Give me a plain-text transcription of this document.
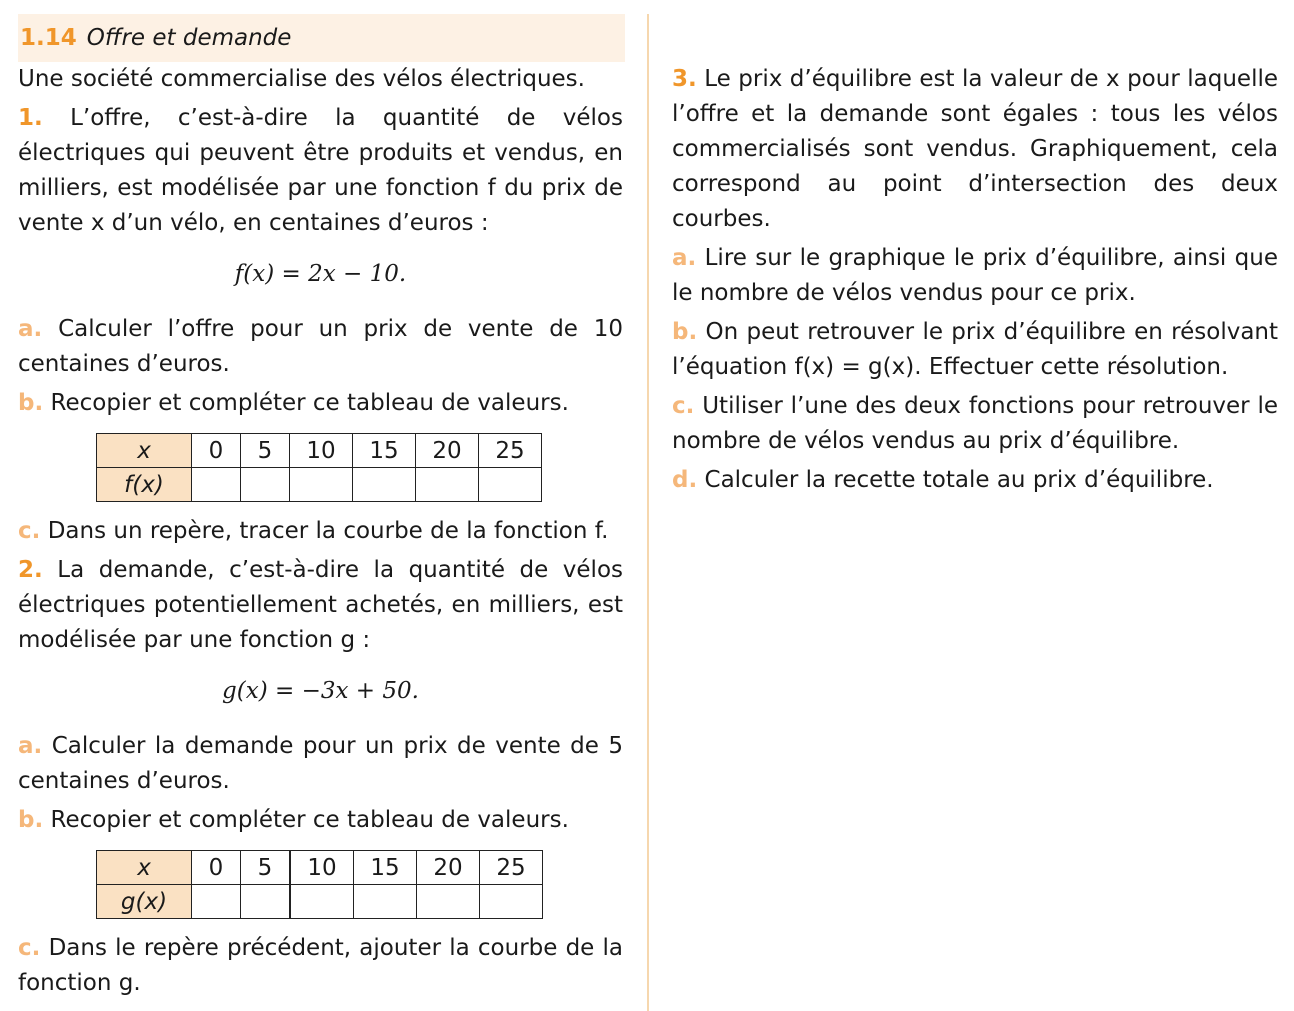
1.14 Offre et demande

Une société commercialise des vélos électriques.

1. L’offre, c’est-à-dire la quantité de vélos électriques qui peuvent être produits et vendus, en milliers, est modélisée par une fonction f du prix de vente x d’un vélo, en centaines d’euros :

f(x) = 2x − 10.

a. Calculer l’offre pour un prix de vente de 10 centaines d’euros.

b. Recopier et compléter ce tableau de valeurs.

x	0	5	10	15	20	25
f(x)						

c. Dans un repère, tracer la courbe de la fonction f.

2. La demande, c’est-à-dire la quantité de vélos électriques potentiellement achetés, en milliers, est modélisée par une fonction g :

g(x) = −3x + 50.

a. Calculer la demande pour un prix de vente de 5 centaines d’euros.

b. Recopier et compléter ce tableau de valeurs.

x	0	5	10	15	20	25
g(x)						

c. Dans le repère précédent, ajouter la courbe de la fonction g.

3. Le prix d’équilibre est la valeur de x pour laquelle l’offre et la demande sont égales : tous les vélos commercialisés sont vendus. Graphiquement, cela correspond au point d’intersection des deux courbes.

a. Lire sur le graphique le prix d’équilibre, ainsi que le nombre de vélos vendus pour ce prix.

b. On peut retrouver le prix d’équilibre en résolvant l’équation f(x) = g(x). Effectuer cette résolution.

c. Utiliser l’une des deux fonctions pour retrouver le nombre de vélos vendus au prix d’équilibre.

d. Calculer la recette totale au prix d’équilibre.
